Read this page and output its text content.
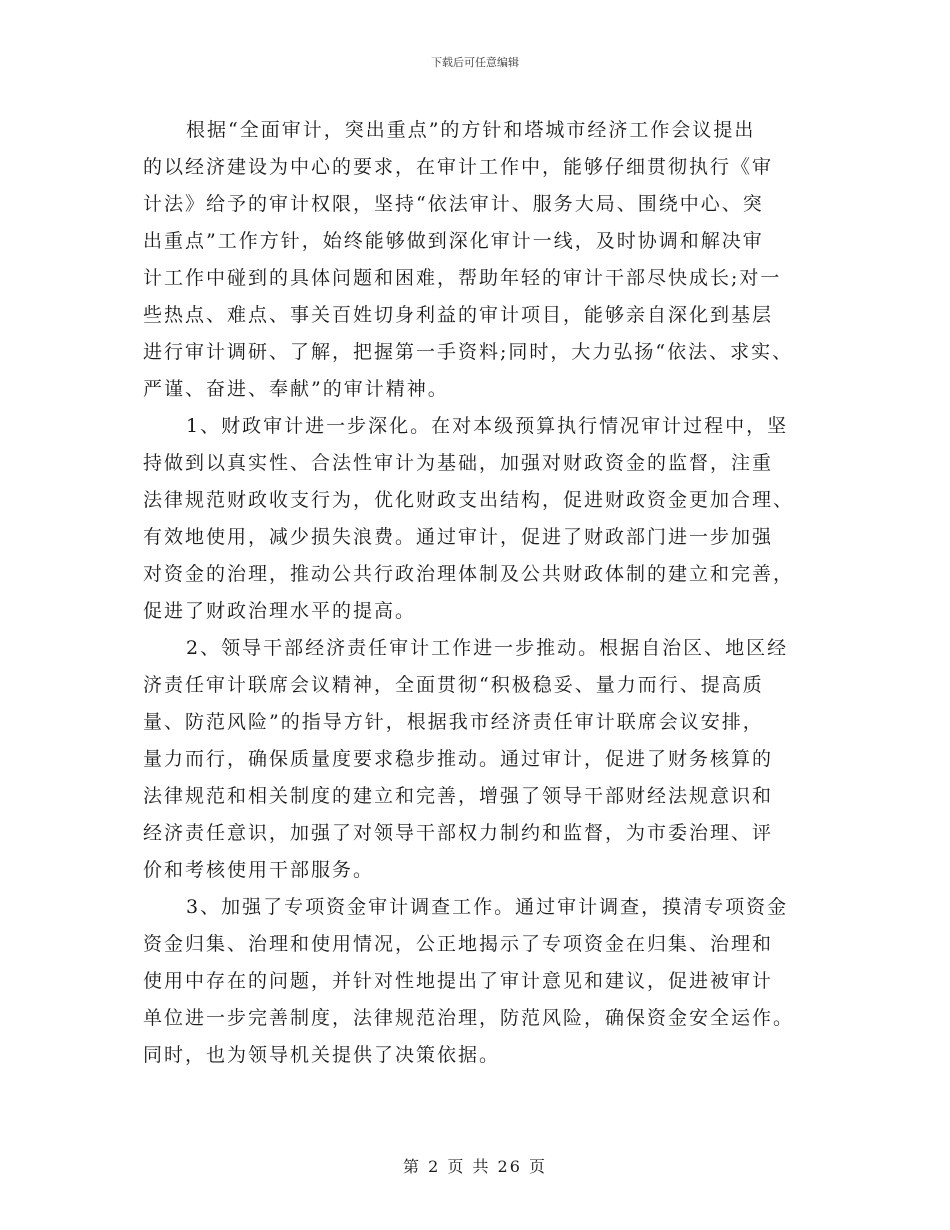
下载后可任意编辑
根据“全面审计，突出重点”的方针和塔城市经济工作会议提出
的以经济建设为中心的要求，在审计工作中，能够仔细贯彻执行《审
计法》给予的审计权限，坚持“依法审计、服务大局、围绕中心、突
出重点”工作方针，始终能够做到深化审计一线，及时协调和解决审
计工作中碰到的具体问题和困难，帮助年轻的审计干部尽快成长;对一
些热点、难点、事关百姓切身利益的审计项目，能够亲自深化到基层
进行审计调研、了解，把握第一手资料;同时，大力弘扬“依法、求实、
严谨、奋进、奉献”的审计精神。
1、财政审计进一步深化。在对本级预算执行情况审计过程中，坚
持做到以真实性、合法性审计为基础，加强对财政资金的监督，注重
法律规范财政收支行为，优化财政支出结构，促进财政资金更加合理、
有效地使用，减少损失浪费。通过审计，促进了财政部门进一步加强
对资金的治理，推动公共行政治理体制及公共财政体制的建立和完善，
促进了财政治理水平的提高。
2、领导干部经济责任审计工作进一步推动。根据自治区、地区经
济责任审计联席会议精神，全面贯彻“积极稳妥、量力而行、提高质
量、防范风险”的指导方针，根据我市经济责任审计联席会议安排，
量力而行，确保质量度要求稳步推动。通过审计，促进了财务核算的
法律规范和相关制度的建立和完善，增强了领导干部财经法规意识和
经济责任意识，加强了对领导干部权力制约和监督，为市委治理、评
价和考核使用干部服务。
3、加强了专项资金审计调查工作。通过审计调查，摸清专项资金
资金归集、治理和使用情况，公正地揭示了专项资金在归集、治理和
使用中存在的问题，并针对性地提出了审计意见和建议，促进被审计
单位进一步完善制度，法律规范治理，防范风险，确保资金安全运作。
同时，也为领导机关提供了决策依据。
第 2 页 共 26 页
